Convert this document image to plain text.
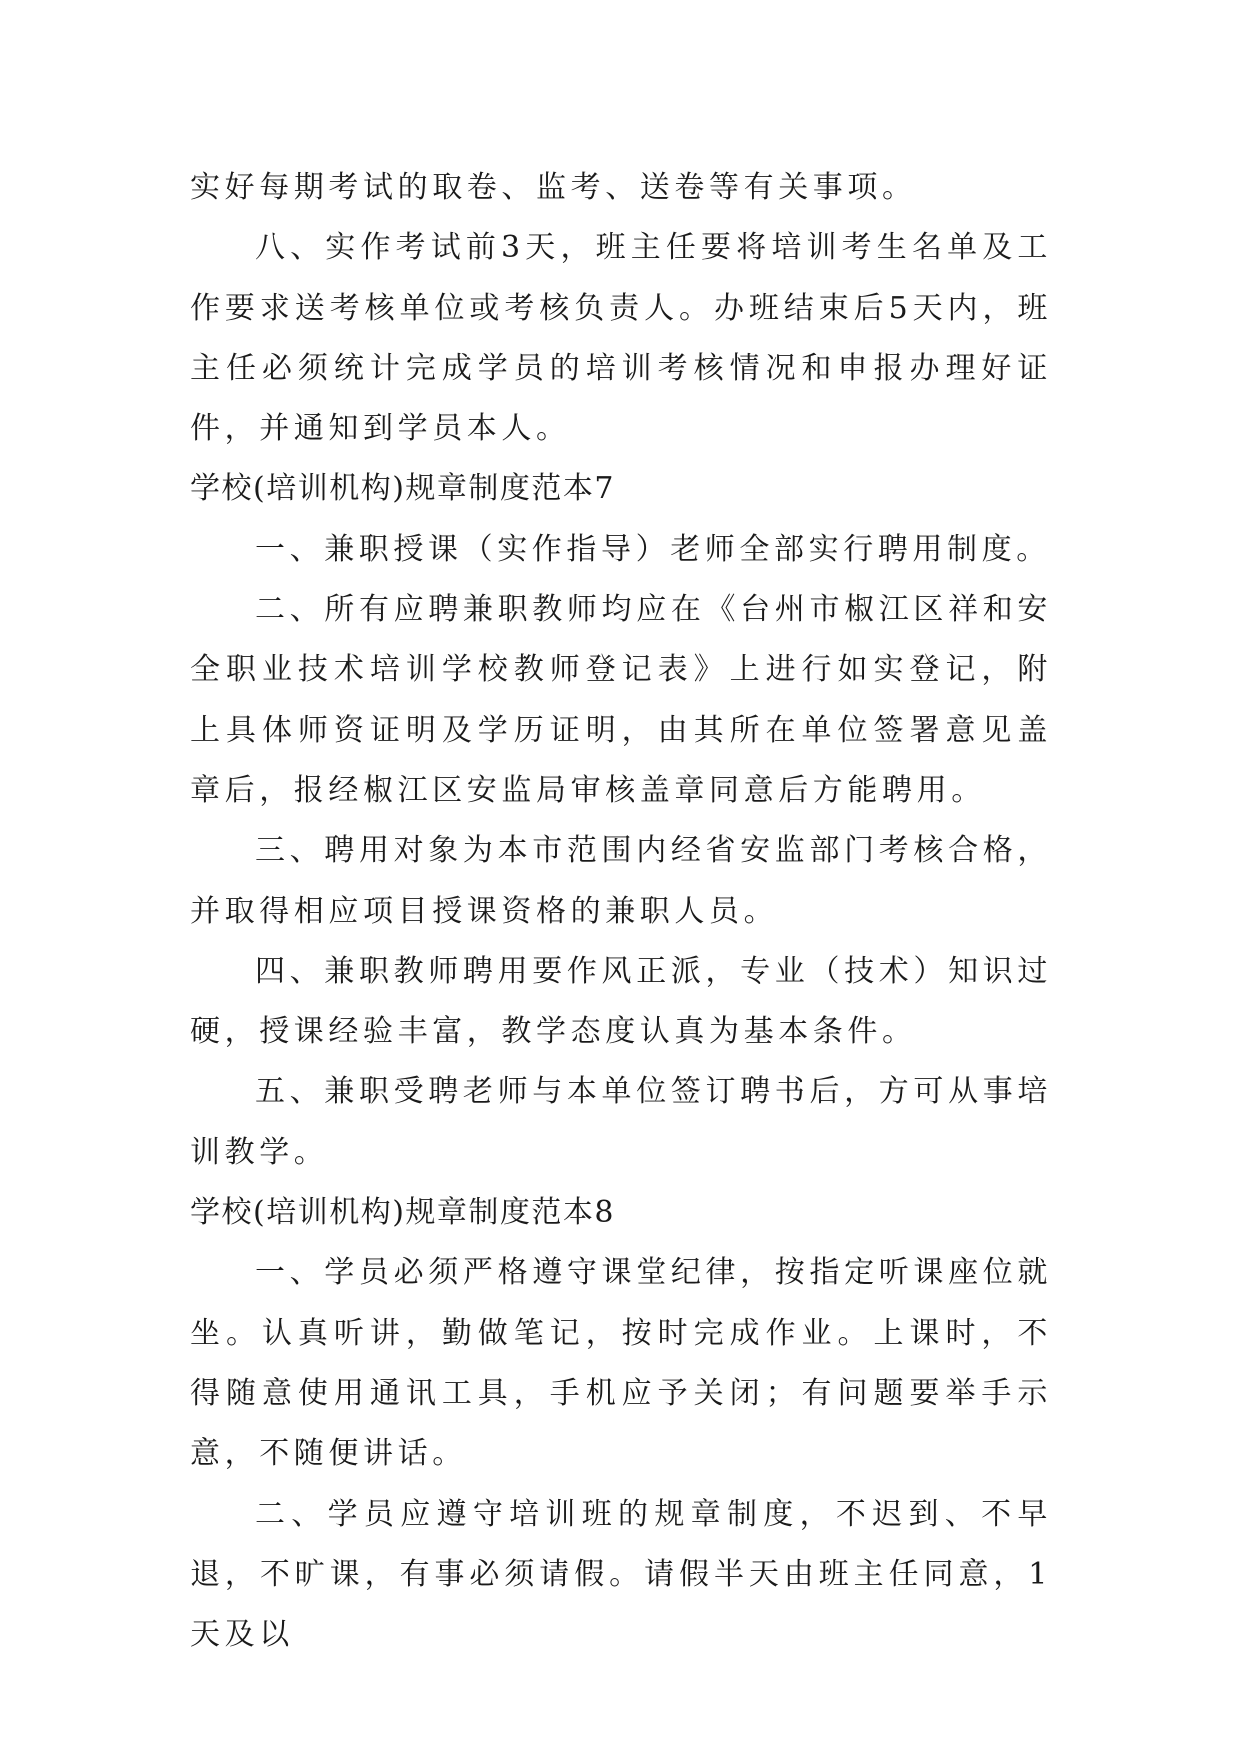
实好每期考试的取卷、监考、送卷等有关事项。

八、实作考试前3天，班主任要将培训考生名单及工作要求送考核单位或考核负责人。办班结束后5天内，班主任必须统计完成学员的培训考核情况和申报办理好证件，并通知到学员本人。

学校(培训机构)规章制度范本7

一、兼职授课（实作指导）老师全部实行聘用制度。

二、所有应聘兼职教师均应在《台州市椒江区祥和安全职业技术培训学校教师登记表》上进行如实登记，附上具体师资证明及学历证明，由其所在单位签署意见盖章后，报经椒江区安监局审核盖章同意后方能聘用。

三、聘用对象为本市范围内经省安监部门考核合格，并取得相应项目授课资格的兼职人员。

四、兼职教师聘用要作风正派，专业（技术）知识过硬，授课经验丰富，教学态度认真为基本条件。

五、兼职受聘老师与本单位签订聘书后，方可从事培训教学。

学校(培训机构)规章制度范本8

一、学员必须严格遵守课堂纪律，按指定听课座位就坐。认真听讲，勤做笔记，按时完成作业。上课时，不得随意使用通讯工具，手机应予关闭；有问题要举手示意，不随便讲话。

二、学员应遵守培训班的规章制度，不迟到、不早退，不旷课，有事必须请假。请假半天由班主任同意，1天及以
